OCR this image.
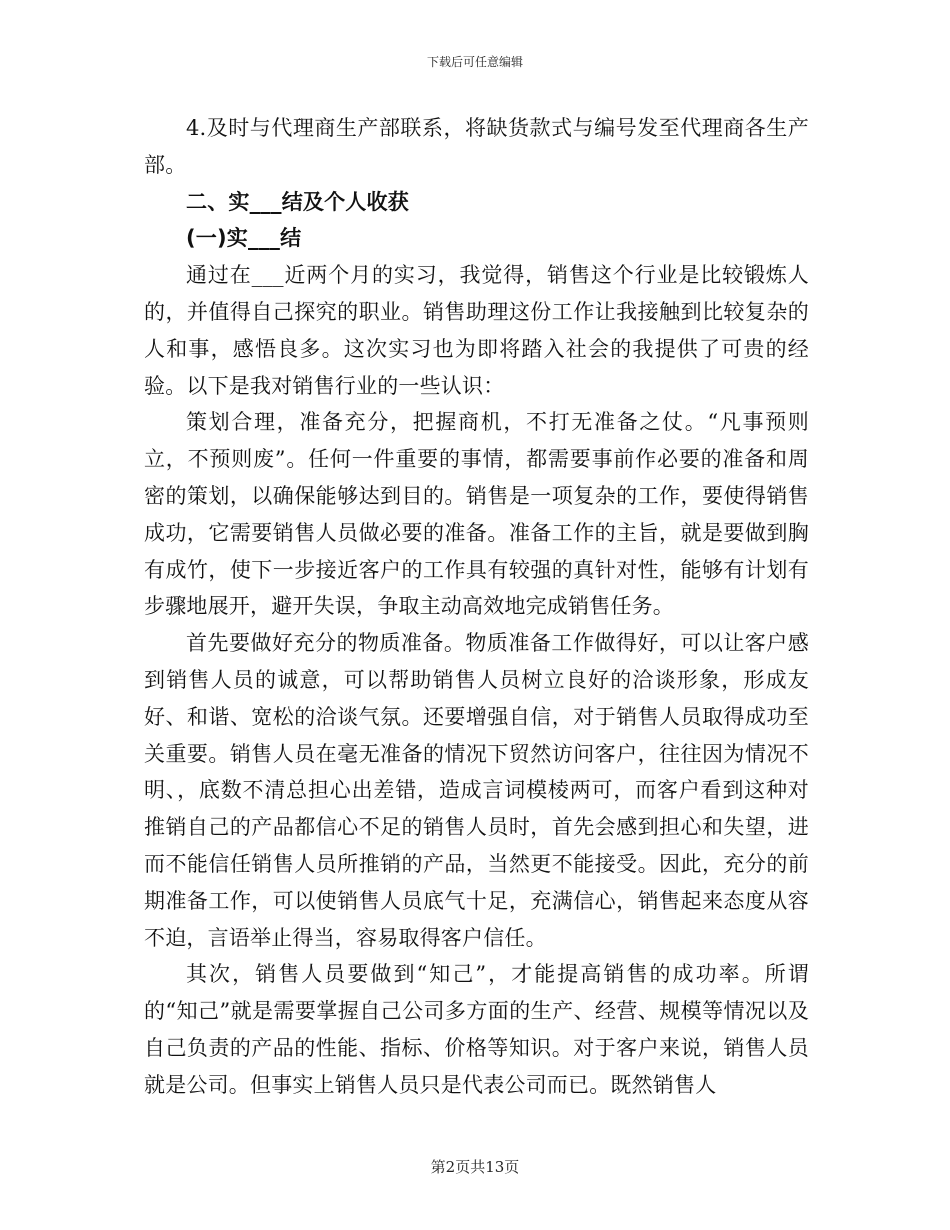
下载后可任意编辑

4.及时与代理商生产部联系，将缺货款式与编号发至代理商各生产部。

二、实___结及个人收获

(一)实___结

通过在___近两个月的实习，我觉得，销售这个行业是比较锻炼人的，并值得自己探究的职业。销售助理这份工作让我接触到比较复杂的人和事，感悟良多。这次实习也为即将踏入社会的我提供了可贵的经验。以下是我对销售行业的一些认识：

策划合理，准备充分，把握商机，不打无准备之仗。“凡事预则立，不预则废”。任何一件重要的事情，都需要事前作必要的准备和周密的策划，以确保能够达到目的。销售是一项复杂的工作，要使得销售成功，它需要销售人员做必要的准备。准备工作的主旨，就是要做到胸有成竹，使下一步接近客户的工作具有较强的真针对性，能够有计划有步骤地展开，避开失误，争取主动高效地完成销售任务。

首先要做好充分的物质准备。物质准备工作做得好，可以让客户感到销售人员的诚意，可以帮助销售人员树立良好的洽谈形象，形成友好、和谐、宽松的洽谈气氛。还要增强自信，对于销售人员取得成功至关重要。销售人员在毫无准备的情况下贸然访问客户，往往因为情况不明、，底数不清总担心出差错，造成言词模棱两可，而客户看到这种对推销自己的产品都信心不足的销售人员时，首先会感到担心和失望，进而不能信任销售人员所推销的产品，当然更不能接受。因此，充分的前期准备工作，可以使销售人员底气十足，充满信心，销售起来态度从容不迫，言语举止得当，容易取得客户信任。

其次，销售人员要做到“知己”，才能提高销售的成功率。所谓的“知己”就是需要掌握自己公司多方面的生产、经营、规模等情况以及自己负责的产品的性能、指标、价格等知识。对于客户来说，销售人员就是公司。但事实上销售人员只是代表公司而已。既然销售人

第2页共13页
